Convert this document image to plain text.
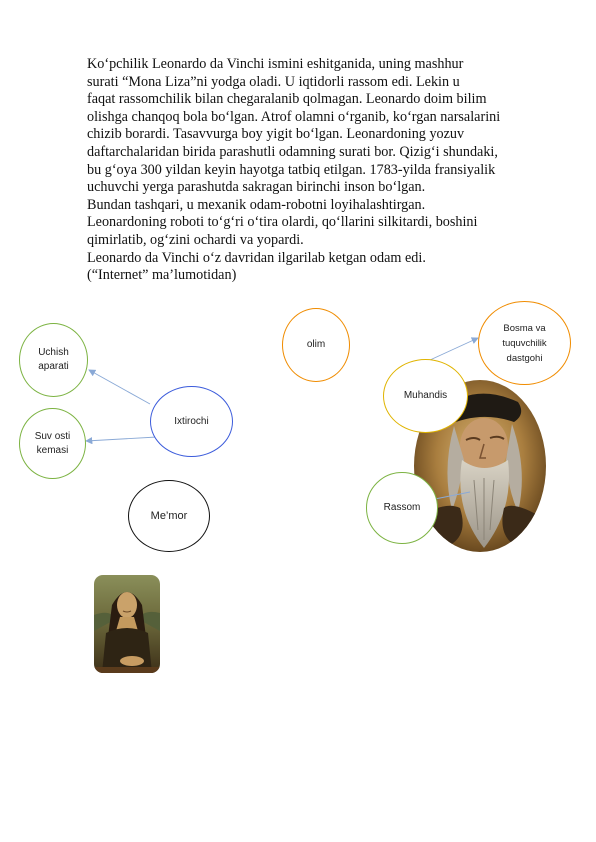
Ko‘pchilik Leonardo da Vinchi ismini eshitganida, uning mashhur
surati “Mona Liza”ni yodga oladi. U iqtidorli rassom edi. Lekin u
faqat rassomchilik bilan chegaralanib qolmagan. Leonardo doim bilim
olishga chanqoq bola bo‘lgan. Atrof olamni o‘rganib, ko‘rgan narsalarini
chizib borardi. Tasavvurga boy yigit bo‘lgan. Leonardoning yozuv
daftarchalaridan birida parashutli odamning surati bor. Qizig‘i shundaki,
bu g‘oya 300 yildan keyin hayotga tatbiq etilgan. 1783-yilda fransiyalik
uchuvchi yerga parashutda sakragan birinchi inson bo‘lgan.
Bundan tashqari, u mexanik odam-robotni loyihalashtirgan.
Leonardoning roboti to‘g‘ri o‘tira olardi, qo‘llarini silkitardi, boshini
qimirlatib, og‘zini ochardi va yopardi.
Leonardo da Vinchi o‘z davridan ilgarilab ketgan odam edi.
(“Internet” ma’lumotidan)
Uchish
aparati
Suv osti
kemasi
Ixtirochi
Me’mor
olim
Bosma va
tuquvchilik
dastgohi
Muhandis
Rassom
